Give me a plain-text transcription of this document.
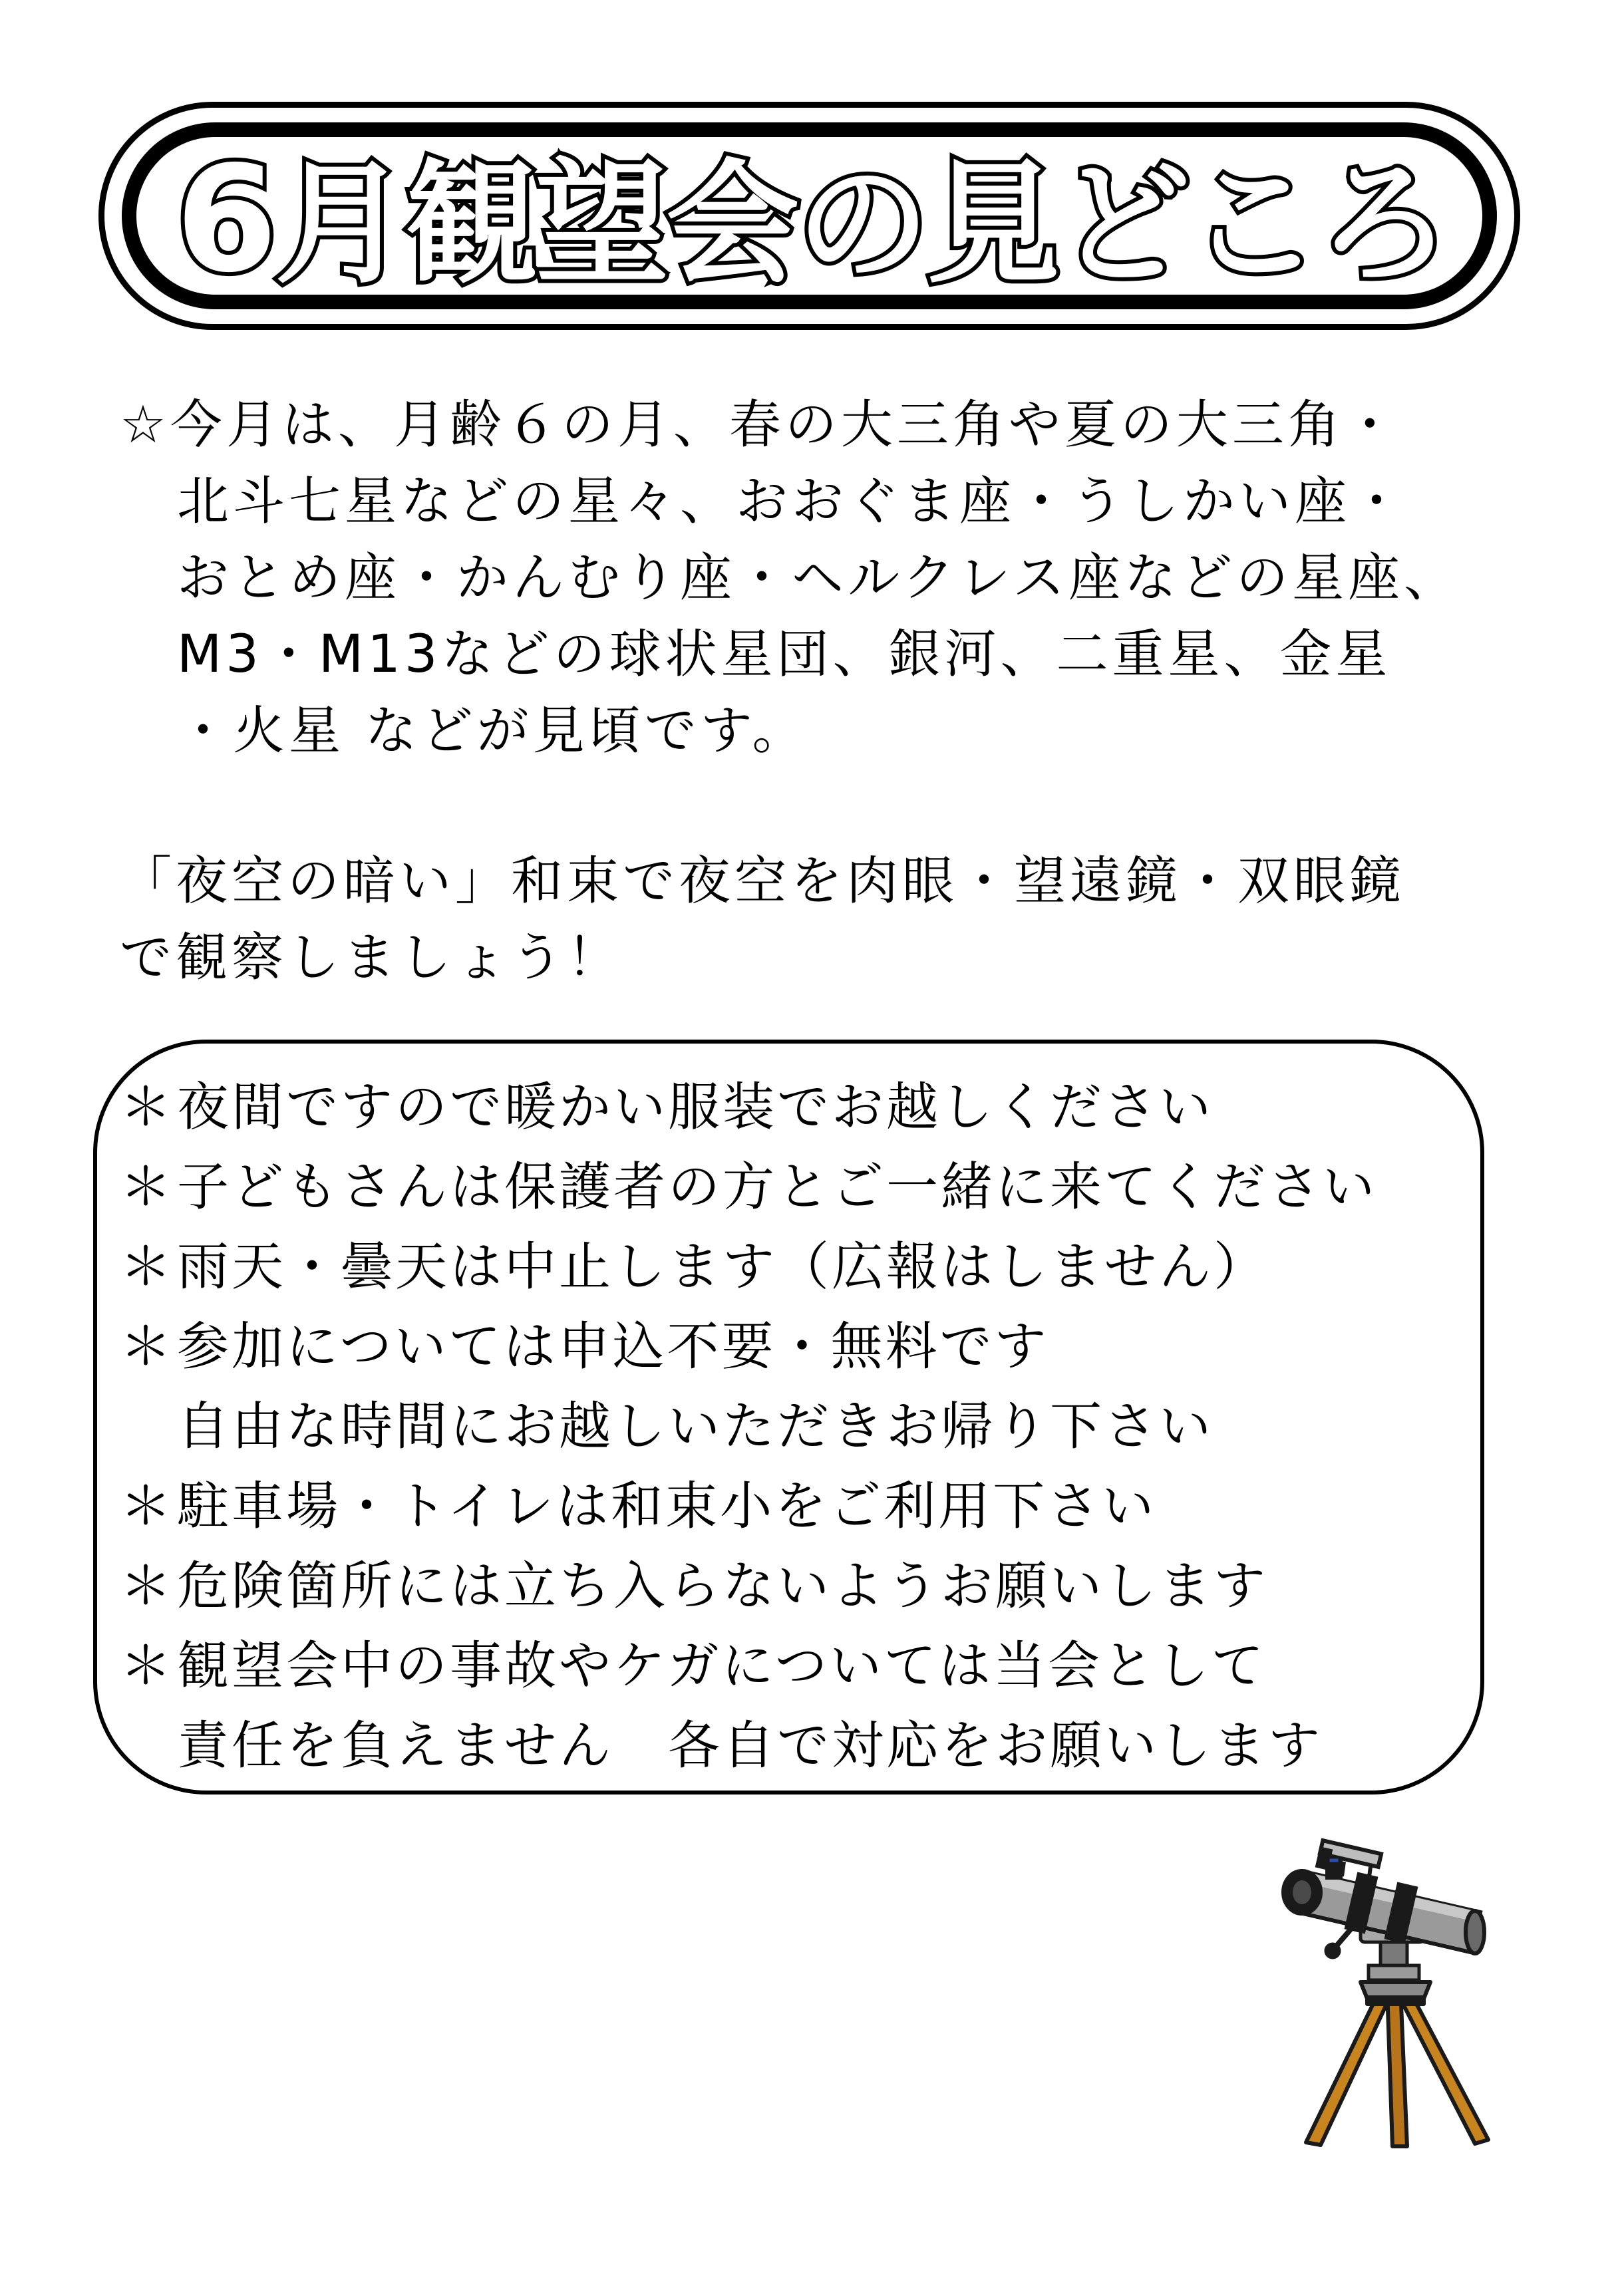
6月観望会の見どころ
☆今月は、月齢６の月、春の大三角や夏の大三角・
北斗七星などの星々、おおぐま座・うしかい座・
おとめ座・かんむり座・ヘルクレス座などの星座、
M3・M13などの球状星団、銀河、二重星、金星
・火星 などが見頃です。
「夜空の暗い」和束で夜空を肉眼・望遠鏡・双眼鏡
で観察しましょう！
＊夜間ですので暖かい服装でお越しください
＊子どもさんは保護者の方とご一緒に来てください
＊雨天・曇天は中止します（広報はしません）
＊参加については申込不要・無料です
自由な時間にお越しいただきお帰り下さい
＊駐車場・トイレは和束小をご利用下さい
＊危険箇所には立ち入らないようお願いします
＊観望会中の事故やケガについては当会として
責任を負えません　各自で対応をお願いします
